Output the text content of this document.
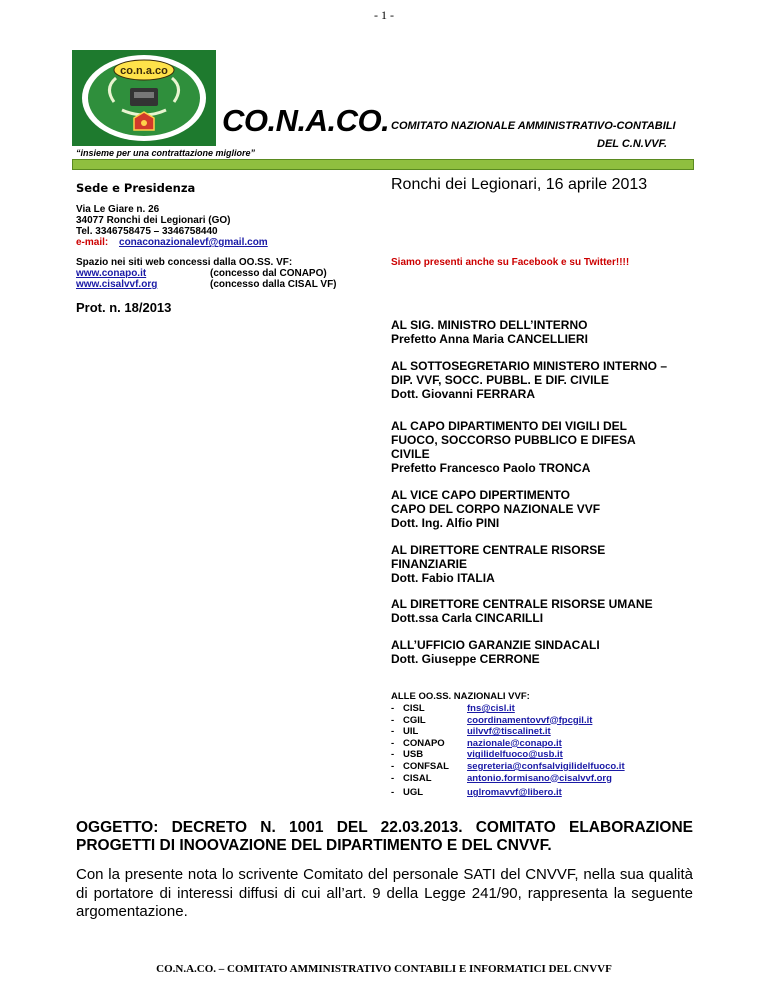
- 1 -
co.n.a.co
CO.N.A.CO. COMITATO NAZIONALE AMMINISTRATIVO-CONTABILI
DEL C.N.VVF.
“insieme per una contrattazione migliore”
Sede e Presidenza	Ronchi dei Legionari, 16 aprile 2013
Via Le Giare n. 26
34077 Ronchi dei Legionari (GO)
Tel. 3346758475 – 3346758440
e-mail: conaconazionalevf@gmail.com
Spazio nei siti web concessi dalla OO.SS. VF:
www.conapo.it	(concesso dal CONAPO)
www.cisalvvf.org	(concesso dalla CISAL VF)
Siamo presenti anche su Facebook e su Twitter!!!!
Prot. n. 18/2013
AL SIG. MINISTRO DELL’INTERNO
Prefetto Anna Maria CANCELLIERI
AL SOTTOSEGRETARIO MINISTERO INTERNO –
DIP. VVF, SOCC. PUBBL. E DIF. CIVILE
Dott. Giovanni FERRARA
AL CAPO DIPARTIMENTO DEI VIGILI DEL
FUOCO, SOCCORSO PUBBLICO E DIFESA
CIVILE
Prefetto Francesco Paolo TRONCA
AL VICE CAPO DIPERTIMENTO
CAPO DEL CORPO NAZIONALE VVF
Dott. Ing. Alfio PINI
AL DIRETTORE CENTRALE RISORSE
FINANZIARIE
Dott. Fabio ITALIA
AL DIRETTORE CENTRALE RISORSE UMANE
Dott.ssa Carla CINCARILLI
ALL’UFFICIO GARANZIE SINDACALI
Dott. Giuseppe CERRONE
ALLE OO.SS. NAZIONALI VVF:
- CISL	fns@cisl.it
- CGIL	coordinamentovvf@fpcgil.it
- UIL	uilvvf@tiscalinet.it
- CONAPO nazionale@conapo.it
- USB	vigilidelfuoco@usb.it
- CONFSAL segreteria@confsalvigilidelfuoco.it
- CISAL	antonio.formisano@cisalvvf.org
- UGL	uglromavvf@libero.it
OGGETTO: DECRETO N. 1001 DEL 22.03.2013. COMITATO ELABORAZIONE PROGETTI DI INOOVAZIONE DEL DIPARTIMENTO E DEL CNVVF.
Con la presente nota lo scrivente Comitato del personale SATI del CNVVF, nella sua qualità di portatore di interessi diffusi di cui all’art. 9 della Legge 241/90, rappresenta la seguente argomentazione.
CO.N.A.CO. – COMITATO AMMINISTRATIVO CONTABILI E INFORMATICI DEL CNVVF
